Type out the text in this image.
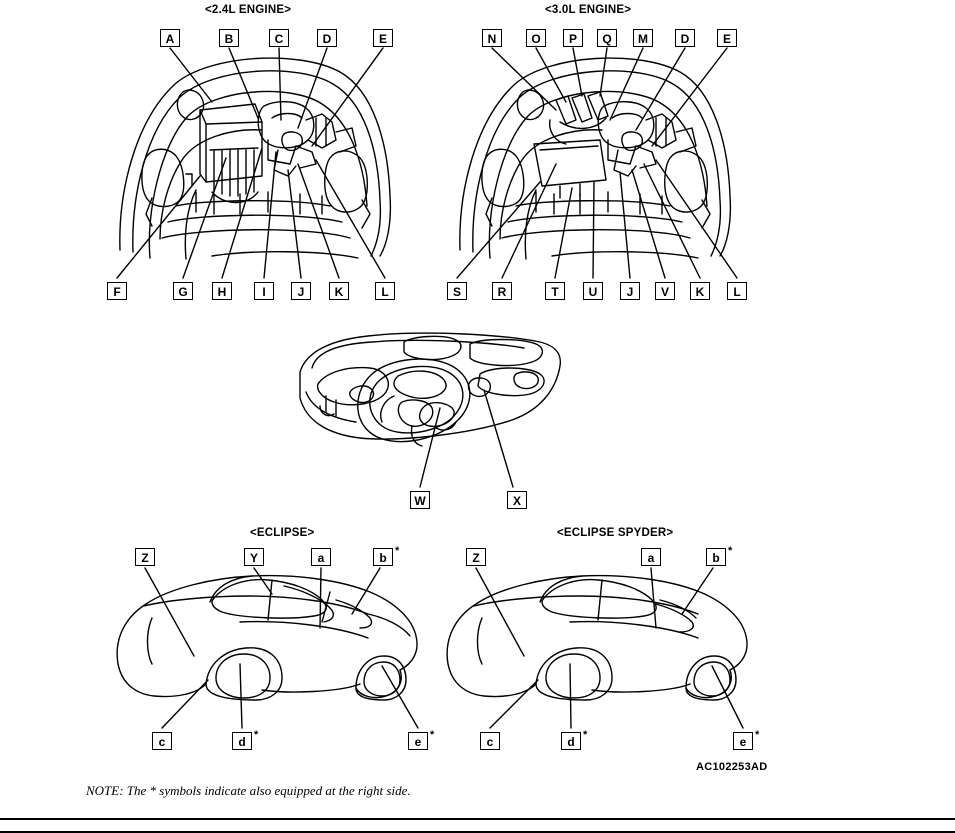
<2.4L ENGINE>	<3.0L ENGINE>
<ECLIPSE>	<ECLIPSE SPYDER>
A	B	C	D	E
F	G	H	I	J	K	L
N	O	P	Q	M	D	E
S	R	T	U	J	V	K	L
W	X
Z	Y	a	b *
c	d *	e *
Z	a	b *
c	d *	e *
AC102253AD
NOTE: The * symbols indicate also equipped at the right side.
